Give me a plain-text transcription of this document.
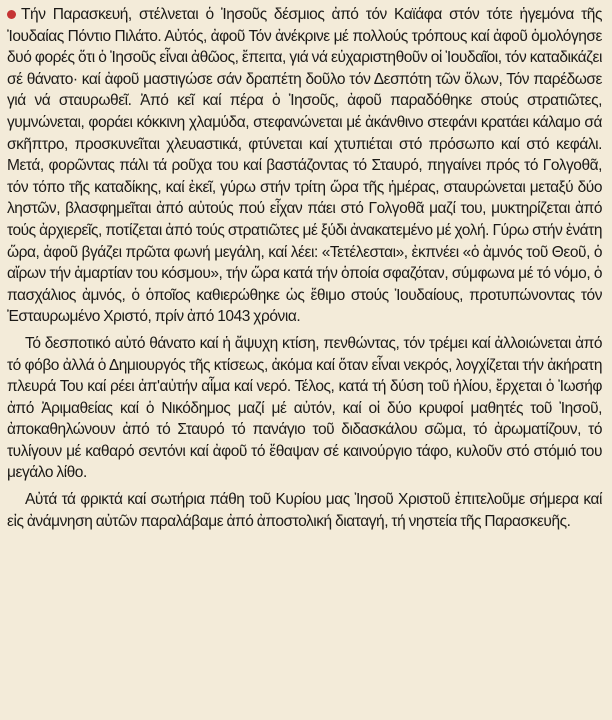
Τήν Παρασκευή, στέλνεται ὁ Ἰησοῦς δέσμιος ἀπό τόν Καϊάφα στόν τότε ἡγεμόνα τῆς Ἰουδαίας Πόντιο Πιλάτο. Αὐτός, ἀφοῦ Τόν ἀνέκρινε μέ πολλούς τρόπους καί ἀφοῦ ὁμολόγησε δυό φορές ὅτι ὁ Ἰησοῦς εἶναι ἀθῶος, ἔπειτα, γιά νά εὐχαριστηθοῦν οἱ Ἰουδαῖοι, τόν καταδικάζει σέ θάνατο· καί ἀφοῦ μαστιγώσε σάν δραπέτη δοῦλο τόν Δεσπότη τῶν ὅλων, Τόν παρέδωσε γιά νά σταυρωθεῖ. Ἀπό κεῖ καί πέρα ὁ Ἰησοῦς, ἀφοῦ παραδόθηκε στούς στρατιῶτες, γυμνώνεται, φοράει κόκκινη χλαμύδα, στεφανώνεται μέ ἀκάνθινο στεφάνι κρατάει κάλαμο σά σκῆπτρο, προσκυνεῖται χλευαστικά, φτύνεται καί χτυπιέται στό πρόσωπο καί στό κεφάλι. Μετά, φορῶντας πάλι τά ροῦχα του καί βαστάζοντας τό Σταυρό, πηγαίνει πρός τό Γολγοθᾶ, τόν τόπο τῆς καταδίκης, καί ἐκεῖ, γύρω στήν τρίτη ὥρα τῆς ἡμέρας, σταυρώνεται μεταξύ δύο ληστῶν, βλασφημεῖται ἀπό αὐτούς πού εἶχαν πάει στό Γολγοθᾶ μαζί του, μυκτηρίζεται ἀπό τούς ἀρχιερεῖς, ποτίζεται ἀπό τούς στρατιῶτες μέ ξύδι ἀνακατεμένο μέ χολή. Γύρω στήν ἐνάτη ὥρα, ἀφοῦ βγάζει πρῶτα φωνή μεγάλη, καί λέει: «Τετέλεσται», ἐκπνέει «ὁ ἀμνός τοῦ Θεοῦ, ὁ αἴρων τήν ἁμαρτίαν του κόσμου», τήν ὥρα κατά τήν ὁποία σφαζόταν, σύμφωνα μέ τό νόμο, ὁ πασχάλιος ἀμνός, ὁ ὁποῖος καθιερώθηκε ὡς ἔθιμο στούς Ἰουδαίους, προτυπώνοντας τόν Ἐσταυρωμένο Χριστό, πρίν ἀπό 1043 χρόνια.

Τό δεσποτικό αὐτό θάνατο καί ἡ ἄψυχη κτίση, πενθώντας, τόν τρέμει καί ἀλλοιώνεται ἀπό τό φόβο ἀλλά ὁ Δημιουργός τῆς κτίσεως, ἀκόμα καί ὅταν εἶναι νεκρός, λογχίζεται τήν ἀκήρατη πλευρά Του καί ρέει ἀπ'αὐτήν αἷμα καί νερό. Τέλος, κατά τή δύση τοῦ ἡλίου, ἔρχεται ὁ Ἰωσήφ ἀπό Ἀριμαθείας καί ὁ Νικόδημος μαζί μέ αὐτόν, καί οἱ δύο κρυφοί μαθητές τοῦ Ἰησοῦ, ἀποκαθηλώνουν ἀπό τό Σταυρό τό πανάγιο τοῦ διδασκάλου σῶμα, τό ἀρωματίζουν, τό τυλίγουν μέ καθαρό σεντόνι καί ἀφοῦ τό ἔθαψαν σέ καινούργιο τάφο, κυλοῦν στό στόμιό του μεγάλο λίθο.

Αὐτά τά φρικτά καί σωτήρια πάθη τοῦ Κυρίου μας Ἰησοῦ Χριστοῦ ἐπιτελοῦμε σήμερα καί εἰς ἀνάμνηση αὐτῶν παραλάβαμε ἀπό ἀποστολική διαταγή, τή νηστεία τῆς Παρασκευῆς.
